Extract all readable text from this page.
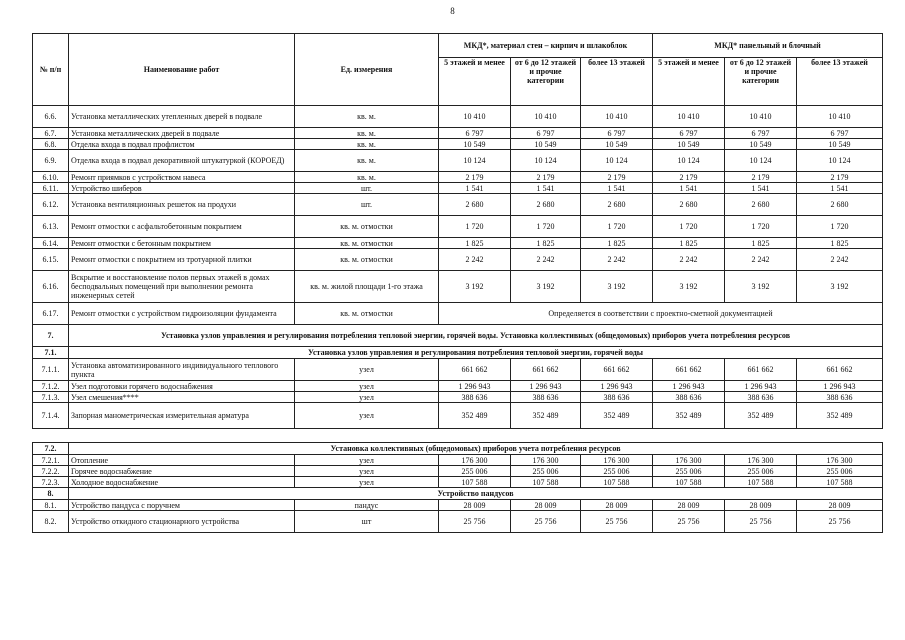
8
№ п/п	Наименование работ	Ед. измерения	МКД*, материал стен – кирпич и шлакоблок			МКД* панельный и блочный		
			5 этажей и менее	от 6 до 12 этажей и прочие категории	более 13 этажей	5 этажей и менее	от 6 до 12 этажей и прочие категории	более 13 этажей
6.6.	Установка металлических утепленных дверей в подвале	кв. м.	10 410	10 410	10 410	10 410	10 410	10 410
6.7.	Установка металлических дверей в подвале	кв. м.	6 797	6 797	6 797	6 797	6 797	6 797
6.8.	Отделка входа в подвал профлистом	кв. м.	10 549	10 549	10 549	10 549	10 549	10 549
6.9.	Отделка входа в подвал декоративной штукатуркой (КОРОЕД)	кв. м.	10 124	10 124	10 124	10 124	10 124	10 124
6.10.	Ремонт приямков с устройством навеса	кв. м.	2 179	2 179	2 179	2 179	2 179	2 179
6.11.	Устройство шиберов	шт.	1 541	1 541	1 541	1 541	1 541	1 541
6.12.	Установка вентиляционных решеток на продухи	шт.	2 680	2 680	2 680	2 680	2 680	2 680
6.13.	Ремонт отмостки с асфальтобетонным покрытием	кв. м. отмостки	1 720	1 720	1 720	1 720	1 720	1 720
6.14.	Ремонт отмостки с бетонным покрытием	кв. м. отмостки	1 825	1 825	1 825	1 825	1 825	1 825
6.15.	Ремонт отмостки с покрытием из тротуарной плитки	кв. м. отмостки	2 242	2 242	2 242	2 242	2 242	2 242
6.16.	Вскрытие и восстановление полов первых этажей в домах бесподвальных помещений при выполнении ремонта инженерных сетей	кв. м. жилой площади 1-го этажа	3 192	3 192	3 192	3 192	3 192	3 192
6.17.	Ремонт отмостки с устройством гидроизоляции фундамента	кв. м. отмостки	Определяется в соответствии с проектно-сметной документацией					
7.	Установка узлов управления и регулирования потребления тепловой энергии, горячей воды. Установка коллективных (общедомовых) приборов учета потребления ресурсов							
7.1.	Установка узлов управления и регулирования потребления тепловой энергии, горячей воды							
7.1.1.	Установка автоматизированного индивидуального теплового пункта	узел	661 662	661 662	661 662	661 662	661 662	661 662
7.1.2.	Узел подготовки горячего водоснабжения	узел	1 296 943	1 296 943	1 296 943	1 296 943	1 296 943	1 296 943
7.1.3.	Узел смешения****	узел	388 636	388 636	388 636	388 636	388 636	388 636
7.1.4.	Запорная манометрическая измерительная арматура	узел	352 489	352 489	352 489	352 489	352 489	352 489

7.2.	Установка коллективных (общедомовых) приборов учета потребления ресурсов							
7.2.1.	Отопление	узел	176 300	176 300	176 300	176 300	176 300	176 300
7.2.2.	Горячее водоснабжение	узел	255 006	255 006	255 006	255 006	255 006	255 006
7.2.3.	Холодное водоснабжение	узел	107 588	107 588	107 588	107 588	107 588	107 588
8.	Устройство пандусов							
8.1.	Устройство пандуса с поручнем	пандус	28 009	28 009	28 009	28 009	28 009	28 009
8.2.	Устройство откидного стационарного устройства	шт	25 756	25 756	25 756	25 756	25 756	25 756
